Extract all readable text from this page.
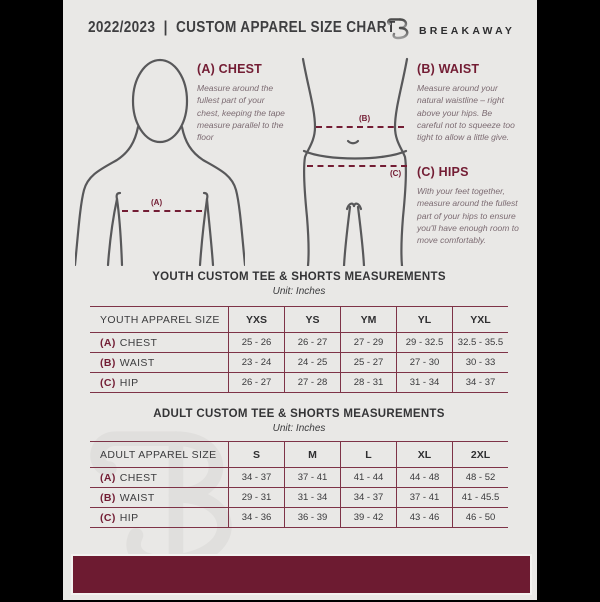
2022/2023  |  CUSTOM APPAREL SIZE CHART BREAKAWAY
(A)
(B)
(C)
(A) CHEST
Measure around the fullest part of your chest, keeping the tape measure parallel to the floor
(B) WAIST
Measure around your natural waistline – right above your hips. Be careful not to squeeze too tight to allow a little give.
(C) HIPS
With your feet together, measure around the fullest part of your hips to ensure you'll have enough room to move comfortably.
YOUTH CUSTOM TEE & SHORTS MEASUREMENTS
Unit: Inches
YOUTH APPAREL SIZE	YXS	YS	YM	YL	YXL
(A) CHEST	25 - 26	26 - 27	27 - 29	29 - 32.5	32.5 - 35.5
(B) WAIST	23 - 24	24 - 25	25 - 27	27 - 30	30 - 33
(C) HIP	26 - 27	27 - 28	28 - 31	31 - 34	34 - 37
ADULT CUSTOM TEE & SHORTS MEASUREMENTS
Unit: Inches
ADULT APPAREL SIZE	S	M	L	XL	2XL
(A) CHEST	34 - 37	37 - 41	41 - 44	44 - 48	48 - 52
(B) WAIST	29 - 31	31 - 34	34 - 37	37 - 41	41 - 45.5
(C) HIP	34 - 36	36 - 39	39 - 42	43 - 46	46 - 50
